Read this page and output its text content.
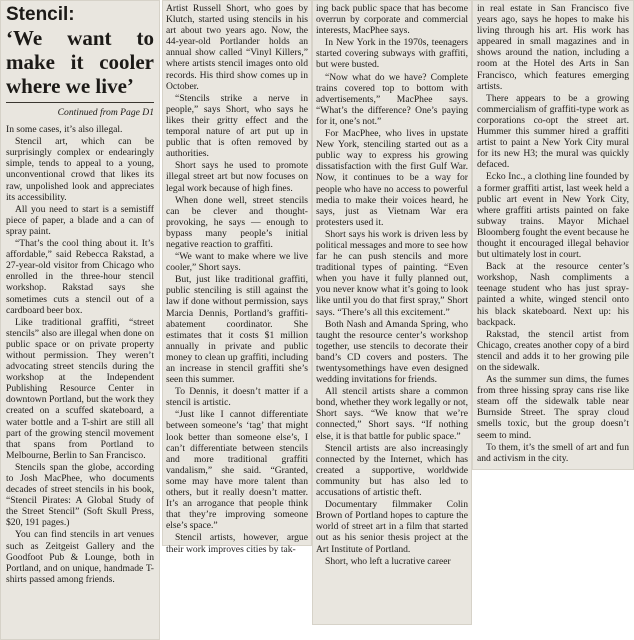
Stencil:
‘We want to make it cooler where we live’
Continued from Page D1

In some cases, it’s also illegal.

Stencil art, which can be surprisingly complex or endearingly simple, tends to appeal to a young, unconventional crowd that likes its raw, unpolished look and appreciates its accessibility.

All you need to start is a semistiff piece of paper, a blade and a can of spray paint.

“That’s the cool thing about it. It’s affordable,” said Rebecca Rakstad, a 27-year-old visitor from Chicago who enrolled in the three-hour stencil workshop. Rakstad says she sometimes cuts a stencil out of a cardboard beer box.

Like traditional graffiti, “street stencils” also are illegal when done on public space or on private property without permission. They weren’t advocating street stencils during the workshop at the Independent Publishing Resource Center in downtown Portland, but the work they created on a scuffed skateboard, a water bottle and a T-shirt are still all part of the growing stencil movement that spans from Portland to Melbourne, Berlin to San Francisco.

Stencils span the globe, according to Josh MacPhee, who documents decades of street stencils in his book, “Stencil Pirates: A Global Study of the Street Stencil” (Soft Skull Press, $20, 191 pages.)

You can find stencils in art venues such as Zeitgeist Gallery and the Goodfoot Pub & Lounge, both in Portland, and on unique, handmade T-shirts passed among friends.

Artist Russell Short, who goes by Klutch, started using stencils in his art about two years ago. Now, the 44-year-old Portlander holds an annual show called “Vinyl Killers,” where artists stencil images onto old records. His third show comes up in October.

“Stencils strike a nerve in people,” says Short, who says he likes their gritty effect and the temporal nature of art put up in public that is often removed by authorities.

Short says he used to promote illegal street art but now focuses on legal work because of high fines.

When done well, street stencils can be clever and thought-provoking, he says — enough to bypass many people’s initial negative reaction to graffiti.

“We want to make where we live cooler,” Short says.

But, just like traditional graffiti, public stenciling is still against the law if done without permission, says Marcia Dennis, Portland’s graffiti-abatement coordinator. She estimates that it costs $1 million annually in private and public money to clean up graffiti, including an increase in stencil graffiti she’s seen this summer.

To Dennis, it doesn’t matter if a stencil is artistic.

“Just like I cannot differentiate between someone’s ‘tag’ that might look better than someone else’s, I can’t differentiate between stencils and more traditional graffiti vandalism,” she said. “Granted, some may have more talent than others, but it really doesn’t matter. It’s an arrogance that people think that they’re improving someone else’s space.”

Stencil artists, however, argue their work improves cities by tak-

ing back public space that has become overrun by corporate and commercial interests, MacPhee says.

In New York in the 1970s, teenagers started covering subways with graffiti, but were busted.

“Now what do we have? Complete trains covered top to bottom with advertisements,” MacPhee says. “What’s the difference? One’s paying for it, one’s not.”

For MacPhee, who lives in upstate New York, stenciling started out as a public way to express his growing dissatisfaction with the first Gulf War. Now, it continues to be a way for people who have no access to powerful media to make their voices heard, he says, just as Vietnam War era protesters used it.

Short says his work is driven less by political messages and more to see how far he can push stencils and more traditional types of painting. “Even when you have it fully planned out, you never know what it’s going to look like until you do that first spray,” Short says. “There’s all this excitement.”

Both Nash and Amanda Spring, who taught the resource center’s workshop together, use stencils to decorate their band’s CD covers and posters. The twentysomethings have even designed wedding invitations for friends.

All stencil artists share a common bond, whether they work legally or not, Short says. “We know that we’re connected,” Short says. “If nothing else, it is that battle for public space.”

Stencil artists are also increasingly connected by the Internet, which has created a supportive, worldwide community but has also led to accusations of artistic theft.

Documentary filmmaker Colin Brown of Portland hopes to capture the world of street art in a film that started out as his senior thesis project at the Art Institute of Portland.

Short, who left a lucrative career

in real estate in San Francisco five years ago, says he hopes to make his living through his art. His work has appeared in small magazines and in shows around the nation, including a room at the Hotel des Arts in San Francisco, which features emerging artists.

There appears to be a growing commercialism of graffiti-type work as corporations co-opt the street art. Hummer this summer hired a graffiti artist to paint a New York City mural for its new H3; the mural was quickly defaced.

Ecko Inc., a clothing line founded by a former graffiti artist, last week held a public art event in New York City, where graffiti artists painted on fake subway trains. Mayor Michael Bloomberg fought the event because he thought it encouraged illegal behavior but ultimately lost in court.

Back at the resource center’s workshop, Nash compliments a teenage student who has just spray-painted a white, winged stencil onto his black skateboard. Next up: his backpack.

Rakstad, the stencil artist from Chicago, creates another copy of a bird stencil and adds it to her growing pile on the sidewalk.

As the summer sun dims, the fumes from three hissing spray cans rise like steam off the sidewalk table near Burnside Street. The spray cloud smells toxic, but the group doesn’t seem to mind.

To them, it’s the smell of art and fun and activism in the city.
